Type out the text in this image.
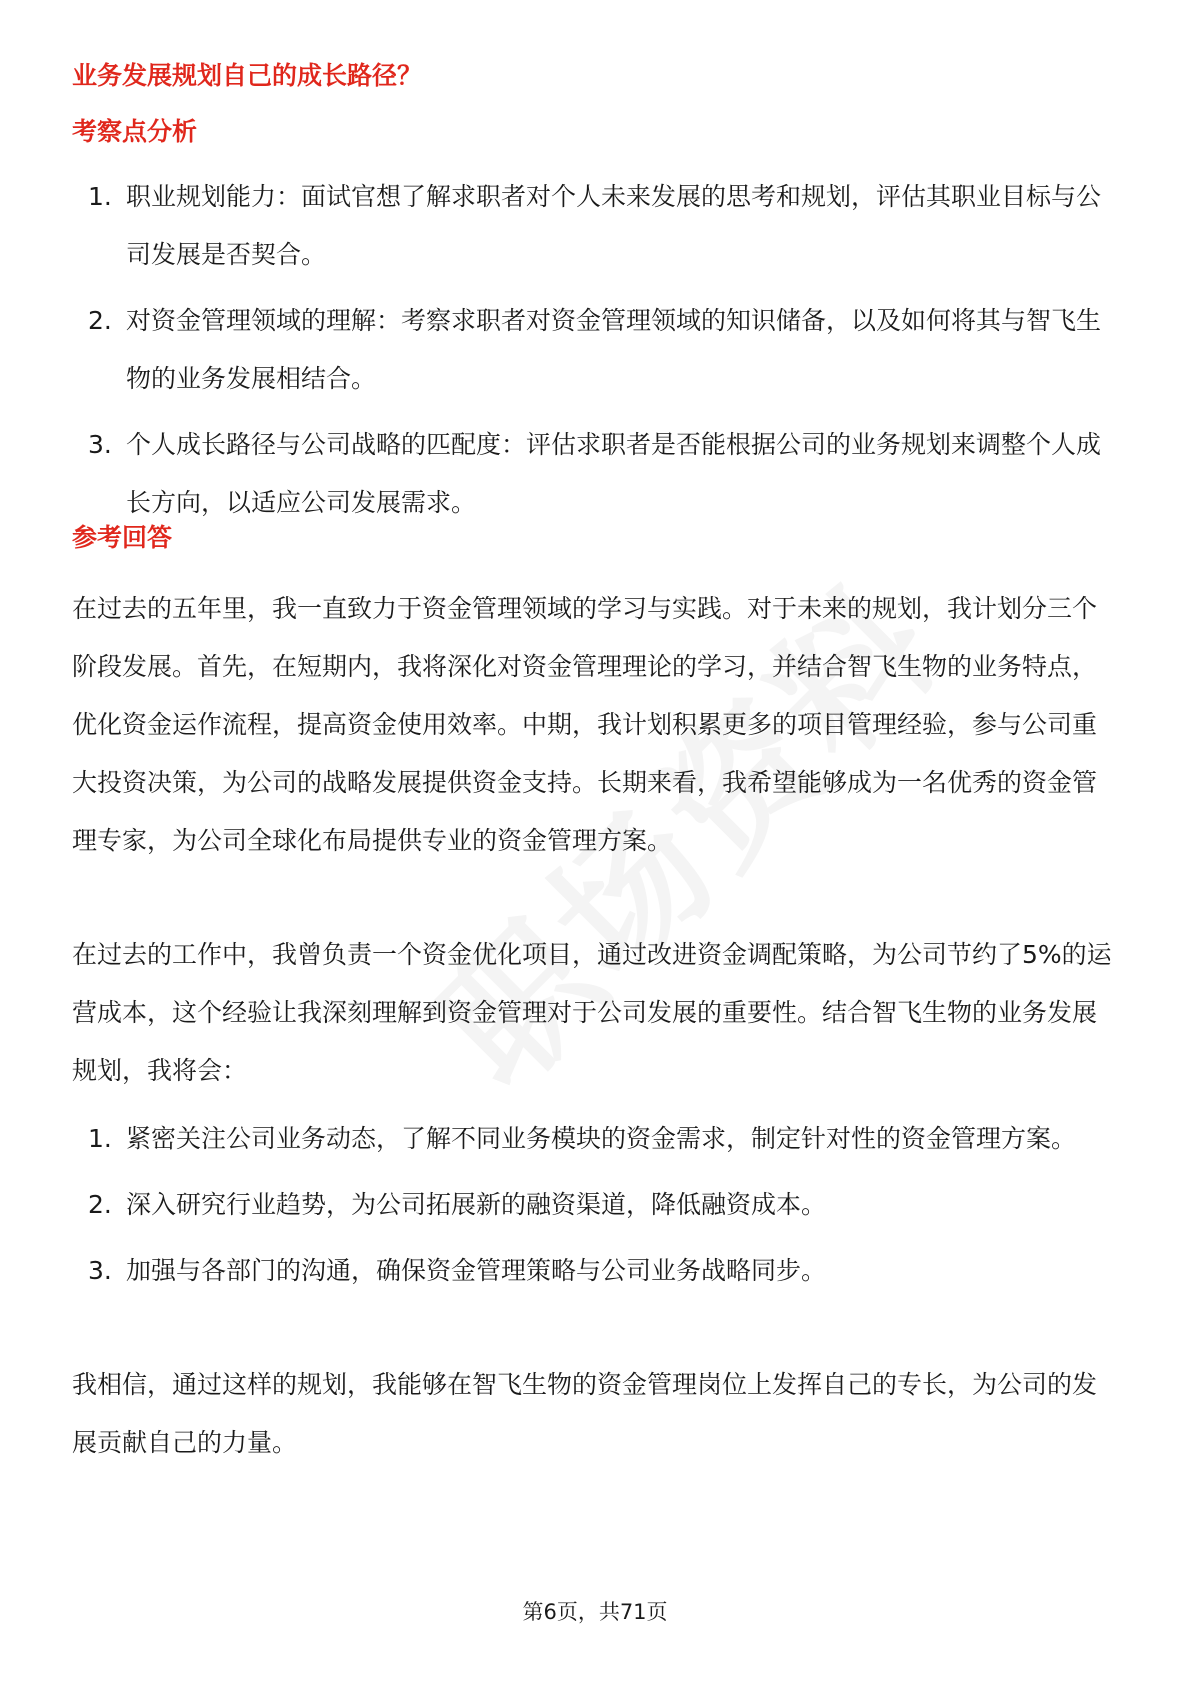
业务发展规划自己的成长路径？
考察点分析
1. 职业规划能力：面试官想了解求职者对个人未来发展的思考和规划，评估其职业目标与公司发展是否契合。
2. 对资金管理领域的理解：考察求职者对资金管理领域的知识储备，以及如何将其与智飞生物的业务发展相结合。
3. 个人成长路径与公司战略的匹配度：评估求职者是否能根据公司的业务规划来调整个人成长方向，以适应公司发展需求。
参考回答

在过去的五年里，我一直致力于资金管理领域的学习与实践。对于未来的规划，我计划分三个阶段发展。首先，在短期内，我将深化对资金管理理论的学习，并结合智飞生物的业务特点，优化资金运作流程，提高资金使用效率。中期，我计划积累更多的项目管理经验，参与公司重大投资决策，为公司的战略发展提供资金支持。长期来看，我希望能够成为一名优秀的资金管理专家，为公司全球化布局提供专业的资金管理方案。

在过去的工作中，我曾负责一个资金优化项目，通过改进资金调配策略，为公司节约了5%的运营成本，这个经验让我深刻理解到资金管理对于公司发展的重要性。结合智飞生物的业务发展规划，我将会：

1. 紧密关注公司业务动态，了解不同业务模块的资金需求，制定针对性的资金管理方案。
2. 深入研究行业趋势，为公司拓展新的融资渠道，降低融资成本。
3. 加强与各部门的沟通，确保资金管理策略与公司业务战略同步。

我相信，通过这样的规划，我能够在智飞生物的资金管理岗位上发挥自己的专长，为公司的发展贡献自己的力量。

第6页，共71页
